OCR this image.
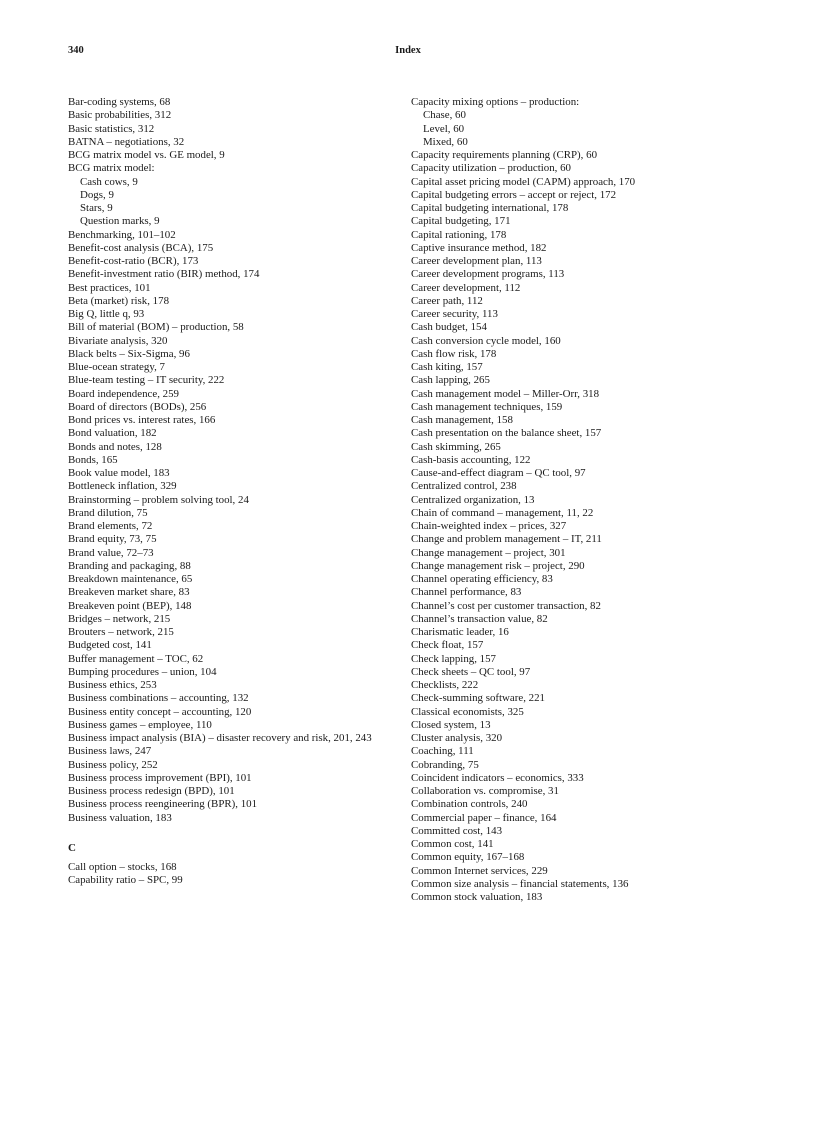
340	Index
Bar-coding systems, 68
Basic probabilities, 312
Basic statistics, 312
BATNA – negotiations, 32
BCG matrix model vs. GE model, 9
BCG matrix model:
Cash cows, 9
Dogs, 9
Stars, 9
Question marks, 9
Benchmarking, 101–102
Benefit-cost analysis (BCA), 175
Benefit-cost-ratio (BCR), 173
Benefit-investment ratio (BIR) method, 174
Best practices, 101
Beta (market) risk, 178
Big Q, little q, 93
Bill of material (BOM) – production, 58
Bivariate analysis, 320
Black belts – Six-Sigma, 96
Blue-ocean strategy, 7
Blue-team testing – IT security, 222
Board independence, 259
Board of directors (BODs), 256
Bond prices vs. interest rates, 166
Bond valuation, 182
Bonds and notes, 128
Bonds, 165
Book value model, 183
Bottleneck inflation, 329
Brainstorming – problem solving tool, 24
Brand dilution, 75
Brand elements, 72
Brand equity, 73, 75
Brand value, 72–73
Branding and packaging, 88
Breakdown maintenance, 65
Breakeven market share, 83
Breakeven point (BEP), 148
Bridges – network, 215
Brouters – network, 215
Budgeted cost, 141
Buffer management – TOC, 62
Bumping procedures – union, 104
Business ethics, 253
Business combinations – accounting, 132
Business entity concept – accounting, 120
Business games – employee, 110
Business impact analysis (BIA) – disaster recovery and risk, 201, 243
Business laws, 247
Business policy, 252
Business process improvement (BPI), 101
Business process redesign (BPD), 101
Business process reengineering (BPR), 101
Business valuation, 183
C
Call option – stocks, 168
Capability ratio – SPC, 99
Capacity mixing options – production:
Chase, 60
Level, 60
Mixed, 60
Capacity requirements planning (CRP), 60
Capacity utilization – production, 60
Capital asset pricing model (CAPM) approach, 170
Capital budgeting errors – accept or reject, 172
Capital budgeting international, 178
Capital budgeting, 171
Capital rationing, 178
Captive insurance method, 182
Career development plan, 113
Career development programs, 113
Career development, 112
Career path, 112
Career security, 113
Cash budget, 154
Cash conversion cycle model, 160
Cash flow risk, 178
Cash kiting, 157
Cash lapping, 265
Cash management model – Miller-Orr, 318
Cash management techniques, 159
Cash management, 158
Cash presentation on the balance sheet, 157
Cash skimming, 265
Cash-basis accounting, 122
Cause-and-effect diagram – QC tool, 97
Centralized control, 238
Centralized organization, 13
Chain of command – management, 11, 22
Chain-weighted index – prices, 327
Change and problem management – IT, 211
Change management – project, 301
Change management risk – project, 290
Channel operating efficiency, 83
Channel performance, 83
Channel’s cost per customer transaction, 82
Channel’s transaction value, 82
Charismatic leader, 16
Check float, 157
Check lapping, 157
Check sheets – QC tool, 97
Checklists, 222
Check-summing software, 221
Classical economists, 325
Closed system, 13
Cluster analysis, 320
Coaching, 111
Cobranding, 75
Coincident indicators – economics, 333
Collaboration vs. compromise, 31
Combination controls, 240
Commercial paper – finance, 164
Committed cost, 143
Common cost, 141
Common equity, 167–168
Common Internet services, 229
Common size analysis – financial statements, 136
Common stock valuation, 183
